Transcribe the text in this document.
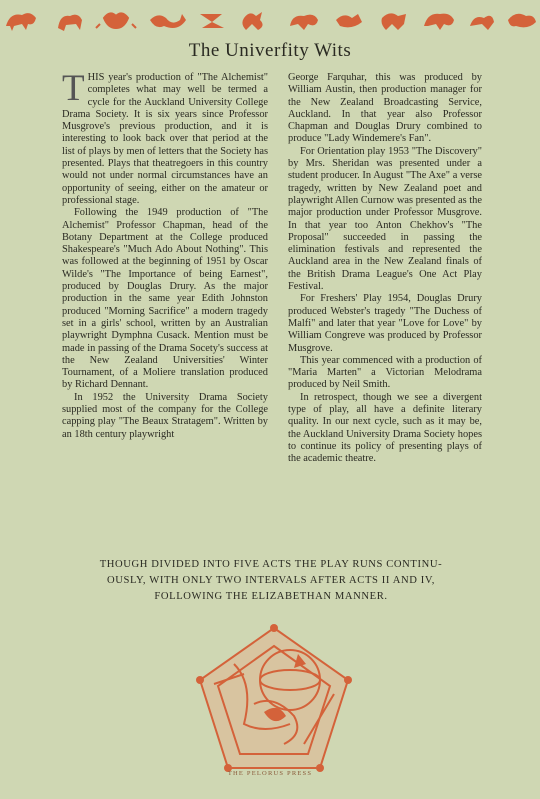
The Univerfity Wits

THIS year's production of "The Alchemist" completes what may well be termed a cycle for the Auckland University College Drama Society. It is six years since Professor Musgrove's previous production, and it is interesting to look back over that period at the list of plays by men of letters that the Society has presented. Plays that theatregoers in this country would not under normal circumstances have an opportunity of seeing, either on the amateur or professional stage.

Following the 1949 production of "The Alchemist" Professor Chapman, head of the Botany Department at the College produced Shakespeare's "Much Ado About Nothing". This was followed at the beginning of 1951 by Oscar Wilde's "The Importance of being Earnest", produced by Douglas Drury. As the major production in the same year Edith Johnston produced "Morning Sacrifice" a modern tragedy set in a girls' school, written by an Australian playwright Dymphna Cusack. Mention must be made in passing of the Drama Socety's success at the New Zealand Universities' Winter Tournament, of a Moliere translation produced by Richard Dennant.

In 1952 the University Drama Society supplied most of the company for the College capping play "The Beaux Stratagem". Written by an 18th century playwright

George Farquhar, this was produced by William Austin, then production manager for the New Zealand Broadcasting Service, Auckland. In that year also Professor Chapman and Douglas Drury combined to produce "Lady Windemere's Fan".

For Orientation play 1953 "The Discovery" by Mrs. Sheridan was presented under a student producer. In August "The Axe" a verse tragedy, written by New Zealand poet and playwright Allen Curnow was presented as the major production under Professor Musgrove. In that year too Anton Chekhov's "The Proposal" succeeded in passing the elimination festivals and represented the Auckland area in the New Zealand finals of the British Drama League's One Act Play Festival.

For Freshers' Play 1954, Douglas Drury produced Webster's tragedy "The Duchess of Malfi" and later that year "Love for Love" by William Congreve was produced by Professor Musgrove.

This year commenced with a production of "Maria Marten" a Victorian Melodrama produced by Neil Smith.

In retrospect, though we see a divergent type of play, all have a definite literary quality. In our next cycle, such as it may be, the Auckland University Drama Society hopes to continue its policy of presenting plays of the academic theatre.

THOUGH DIVIDED INTO FIVE ACTS THE PLAY RUNS CONTINU-
OUSLY, WITH ONLY TWO INTERVALS AFTER ACTS II AND IV,
FOLLOWING THE ELIZABETHAN MANNER.
THE PELORUS PRESS
